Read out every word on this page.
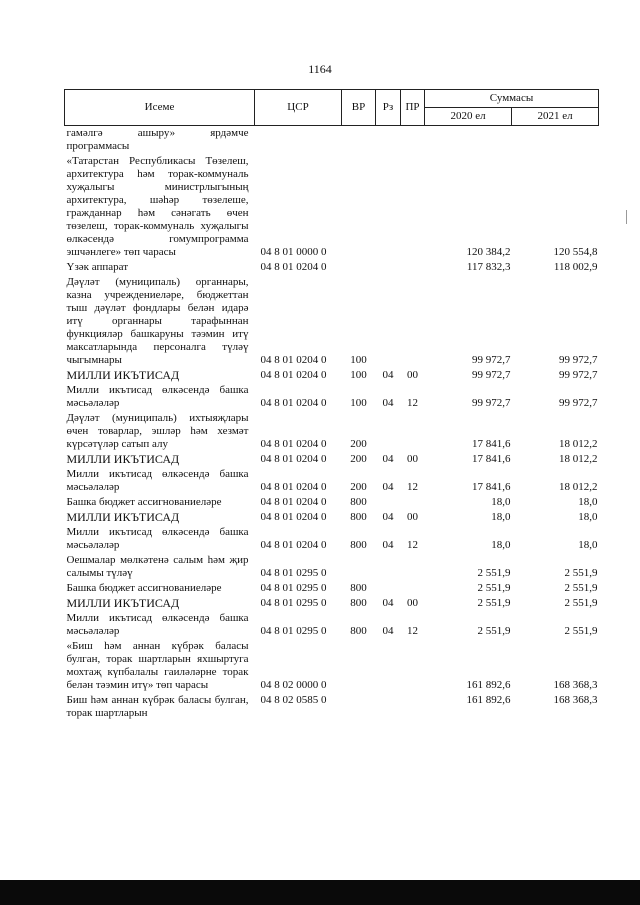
1164
Исеме	ЦСР	ВР	Рз	ПР	Суммасы	
					2020 ел	2021 ел
гамәлгә ашыру» ярдәмче программасы						
«Татарстан Республикасы Төзелеш, архитектура һәм торак-коммуналь хуҗалыгы министрлыгының архитектура, шәһәр төзелеше, гражданнар һәм сәнәгать өчен төзелеш, торак-коммуналь хуҗалыгы өлкәсендә гомумпрограмма эшчәнлеге» төп чарасы	04 8 01 0000 0				120 384,2	120 554,8
Үзәк аппарат	04 8 01 0204 0				117 832,3	118 002,9
Дәүләт (муниципаль) органнары, казна учреждениеләре, бюджеттан тыш дәүләт фондлары белән идарә итү органнары тарафыннан функцияләр башкаруны тәэмин итү максатларында персоналга түләү чыгымнары	04 8 01 0204 0	100			99 972,7	99 972,7
МИЛЛИ ИКЪТИСАД	04 8 01 0204 0	100	04	00	99 972,7	99 972,7
Милли икътисад өлкәсендә башка мәсьәләләр	04 8 01 0204 0	100	04	12	99 972,7	99 972,7
Дәүләт (муниципаль) ихтыяҗлары өчен товарлар, эшләр һәм хезмәт күрсәтүләр сатып алу	04 8 01 0204 0	200			17 841,6	18 012,2
МИЛЛИ ИКЪТИСАД	04 8 01 0204 0	200	04	00	17 841,6	18 012,2
Милли икътисад өлкәсендә башка мәсьәләләр	04 8 01 0204 0	200	04	12	17 841,6	18 012,2
Башка бюджет ассигнованиеләре	04 8 01 0204 0	800			18,0	18,0
МИЛЛИ ИКЪТИСАД	04 8 01 0204 0	800	04	00	18,0	18,0
Милли икътисад өлкәсендә башка мәсьәләләр	04 8 01 0204 0	800	04	12	18,0	18,0
Оешмалар мөлкәтенә салым һәм җир салымы түләү	04 8 01 0295 0				2 551,9	2 551,9
Башка бюджет ассигнованиеләре	04 8 01 0295 0	800			2 551,9	2 551,9
МИЛЛИ ИКЪТИСАД	04 8 01 0295 0	800	04	00	2 551,9	2 551,9
Милли икътисад өлкәсендә башка мәсьәләләр	04 8 01 0295 0	800	04	12	2 551,9	2 551,9
«Биш һәм аннан күбрәк баласы булган, торак шартларын яхшыртуга мохтаҗ күпбалалы гаиләләрне торак белән тәэмин итү» төп чарасы	04 8 02 0000 0				161 892,6	168 368,3
Биш һәм аннан күбрәк баласы булган, торак шартларын	04 8 02 0585 0				161 892,6	168 368,3
